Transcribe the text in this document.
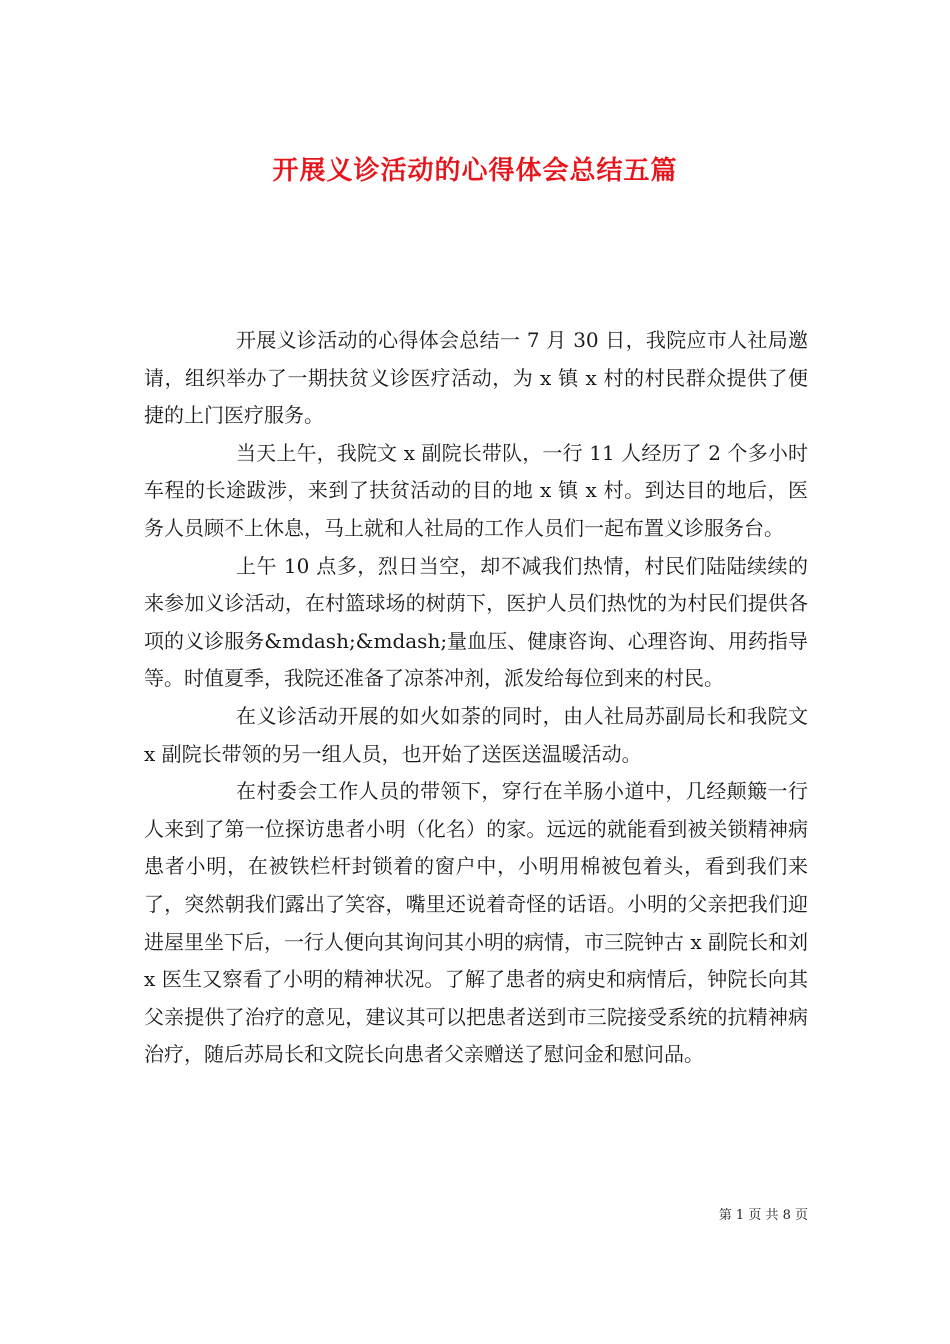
开展义诊活动的心得体会总结五篇

开展义诊活动的心得体会总结一 7 月 30 日，我院应市人社局邀请，组织举办了一期扶贫义诊医疗活动，为 x 镇 x 村的村民群众提供了便捷的上门医疗服务。

当天上午，我院文 x 副院长带队，一行 11 人经历了 2 个多小时车程的长途跋涉，来到了扶贫活动的目的地 x 镇 x 村。到达目的地后，医务人员顾不上休息，马上就和人社局的工作人员们一起布置义诊服务台。

上午 10 点多，烈日当空，却不减我们热情，村民们陆陆续续的来参加义诊活动，在村篮球场的树荫下，医护人员们热忱的为村民们提供各项的义诊服务&mdash;&mdash;量血压、健康咨询、心理咨询、用药指导等。时值夏季，我院还准备了凉茶冲剂，派发给每位到来的村民。

在义诊活动开展的如火如荼的同时，由人社局苏副局长和我院文 x 副院长带领的另一组人员，也开始了送医送温暖活动。

在村委会工作人员的带领下，穿行在羊肠小道中，几经颠簸一行人来到了第一位探访患者小明（化名）的家。远远的就能看到被关锁精神病患者小明，在被铁栏杆封锁着的窗户中，小明用棉被包着头，看到我们来了，突然朝我们露出了笑容，嘴里还说着奇怪的话语。小明的父亲把我们迎进屋里坐下后，一行人便向其询问其小明的病情，市三院钟古 x 副院长和刘 x 医生又察看了小明的精神状况。了解了患者的病史和病情后，钟院长向其父亲提供了治疗的意见，建议其可以把患者送到市三院接受系统的抗精神病治疗，随后苏局长和文院长向患者父亲赠送了慰问金和慰问品。

第 1 页 共 8 页
